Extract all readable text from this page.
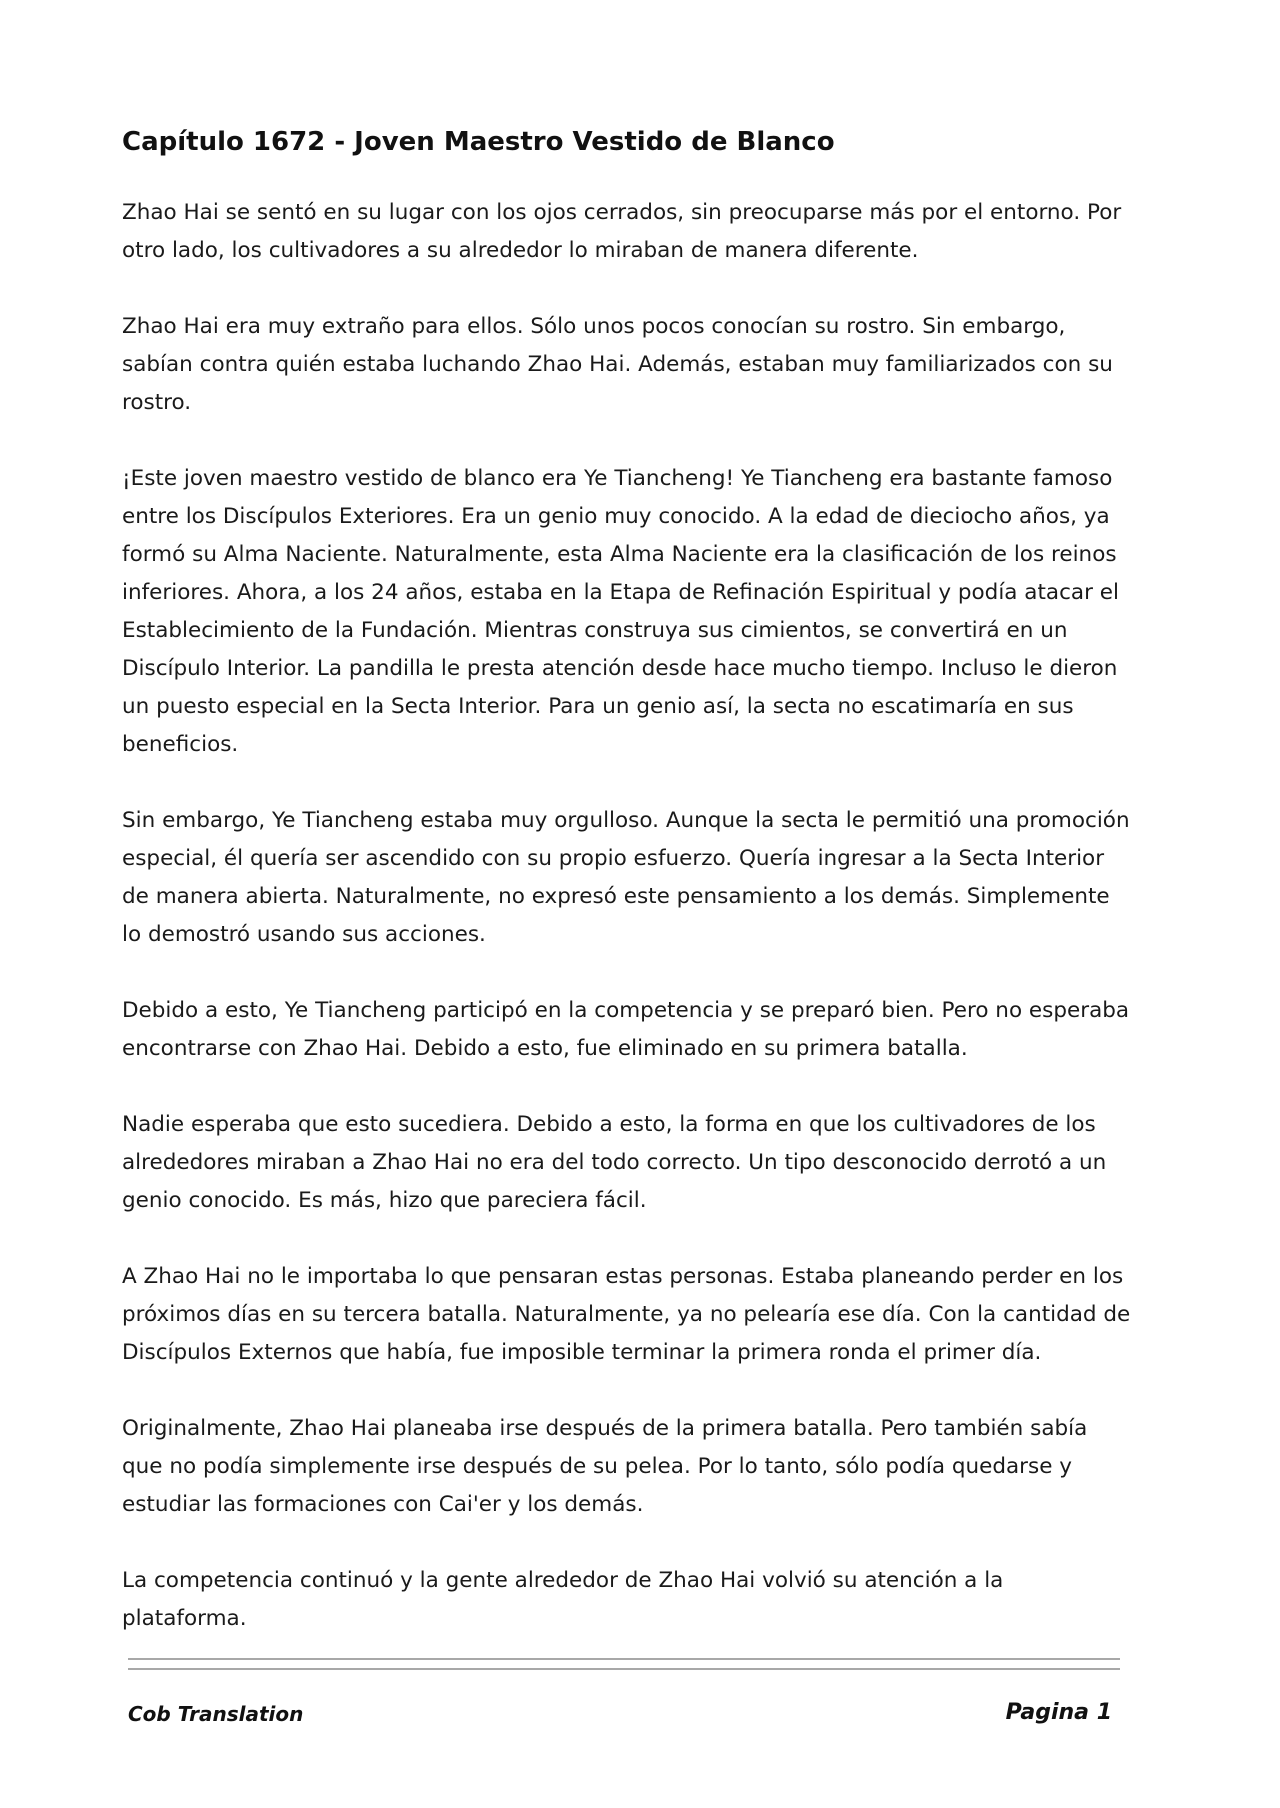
Capítulo 1672 - Joven Maestro Vestido de Blanco

Zhao Hai se sentó en su lugar con los ojos cerrados, sin preocuparse más por el entorno. Por otro lado, los cultivadores a su alrededor lo miraban de manera diferente.

Zhao Hai era muy extraño para ellos. Sólo unos pocos conocían su rostro. Sin embargo, sabían contra quién estaba luchando Zhao Hai. Además, estaban muy familiarizados con su rostro.

¡Este joven maestro vestido de blanco era Ye Tiancheng! Ye Tiancheng era bastante famoso entre los Discípulos Exteriores. Era un genio muy conocido. A la edad de dieciocho años, ya formó su Alma Naciente. Naturalmente, esta Alma Naciente era la clasificación de los reinos inferiores. Ahora, a los 24 años, estaba en la Etapa de Refinación Espiritual y podía atacar el Establecimiento de la Fundación. Mientras construya sus cimientos, se convertirá en un Discípulo Interior. La pandilla le presta atención desde hace mucho tiempo. Incluso le dieron un puesto especial en la Secta Interior. Para un genio así, la secta no escatimaría en sus beneficios.

Sin embargo, Ye Tiancheng estaba muy orgulloso. Aunque la secta le permitió una promoción especial, él quería ser ascendido con su propio esfuerzo. Quería ingresar a la Secta Interior de manera abierta. Naturalmente, no expresó este pensamiento a los demás. Simplemente lo demostró usando sus acciones.

Debido a esto, Ye Tiancheng participó en la competencia y se preparó bien. Pero no esperaba encontrarse con Zhao Hai. Debido a esto, fue eliminado en su primera batalla.

Nadie esperaba que esto sucediera. Debido a esto, la forma en que los cultivadores de los alrededores miraban a Zhao Hai no era del todo correcto. Un tipo desconocido derrotó a un genio conocido. Es más, hizo que pareciera fácil.

A Zhao Hai no le importaba lo que pensaran estas personas. Estaba planeando perder en los próximos días en su tercera batalla. Naturalmente, ya no pelearía ese día. Con la cantidad de Discípulos Externos que había, fue imposible terminar la primera ronda el primer día.

Originalmente, Zhao Hai planeaba irse después de la primera batalla. Pero también sabía que no podía simplemente irse después de su pelea. Por lo tanto, sólo podía quedarse y estudiar las formaciones con Cai'er y los demás.

La competencia continuó y la gente alrededor de Zhao Hai volvió su atención a la plataforma.

Cob Translation	Pagina 1
